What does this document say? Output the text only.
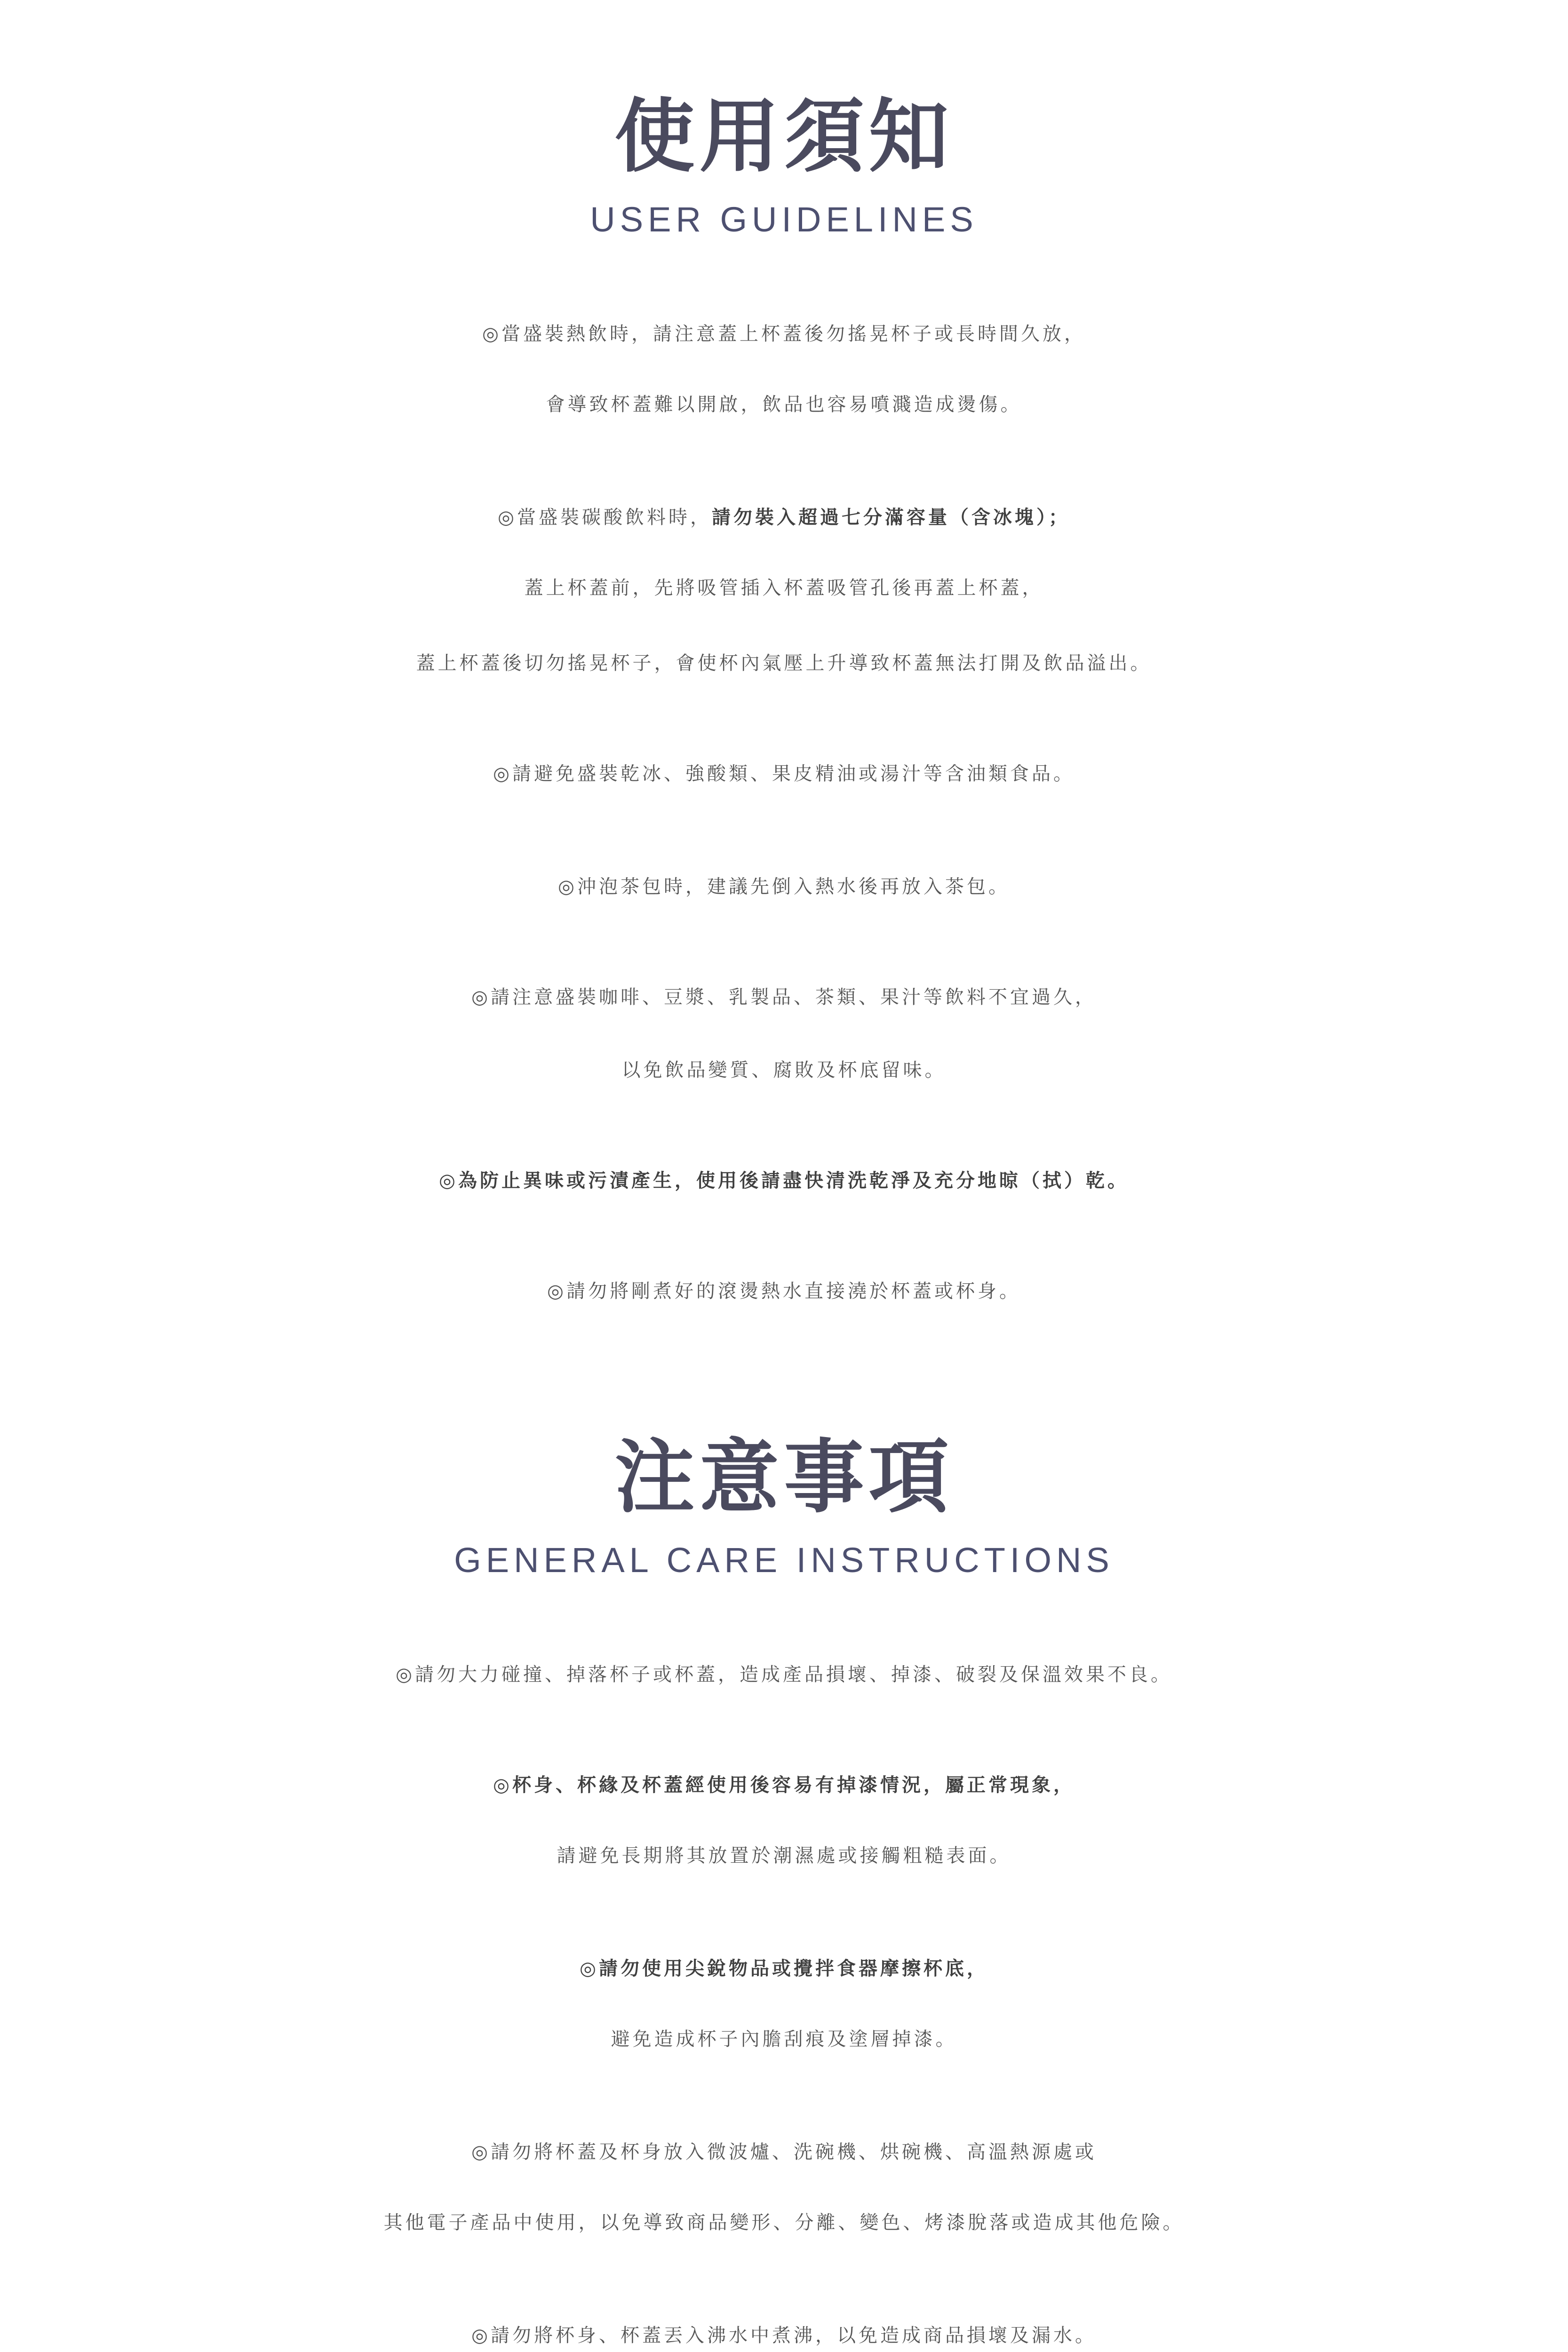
使用須知
USER GUIDELINES
◎當盛裝熱飲時，請注意蓋上杯蓋後勿搖晃杯子或長時間久放，
會導致杯蓋難以開啟，飲品也容易噴濺造成燙傷。
◎當盛裝碳酸飲料時，請勿裝入超過七分滿容量（含冰塊）；
蓋上杯蓋前，先將吸管插入杯蓋吸管孔後再蓋上杯蓋，
蓋上杯蓋後切勿搖晃杯子，會使杯內氣壓上升導致杯蓋無法打開及飲品溢出。
◎請避免盛裝乾冰、強酸類、果皮精油或湯汁等含油類食品。
◎沖泡茶包時，建議先倒入熱水後再放入茶包。
◎請注意盛裝咖啡、豆漿、乳製品、茶類、果汁等飲料不宜過久，
以免飲品變質、腐敗及杯底留味。
◎為防止異味或污漬產生，使用後請盡快清洗乾淨及充分地晾（拭）乾。
◎請勿將剛煮好的滾燙熱水直接澆於杯蓋或杯身。
注意事項
GENERAL CARE INSTRUCTIONS
◎請勿大力碰撞、掉落杯子或杯蓋，造成產品損壞、掉漆、破裂及保溫效果不良。
◎杯身、杯緣及杯蓋經使用後容易有掉漆情況，屬正常現象，
請避免長期將其放置於潮濕處或接觸粗糙表面。
◎請勿使用尖銳物品或攪拌食器摩擦杯底，
避免造成杯子內膽刮痕及塗層掉漆。
◎請勿將杯蓋及杯身放入微波爐、洗碗機、烘碗機、高溫熱源處或
其他電子產品中使用，以免導致商品變形、分離、變色、烤漆脫落或造成其他危險。
◎請勿將杯身、杯蓋丟入沸水中煮沸，以免造成商品損壞及漏水。
